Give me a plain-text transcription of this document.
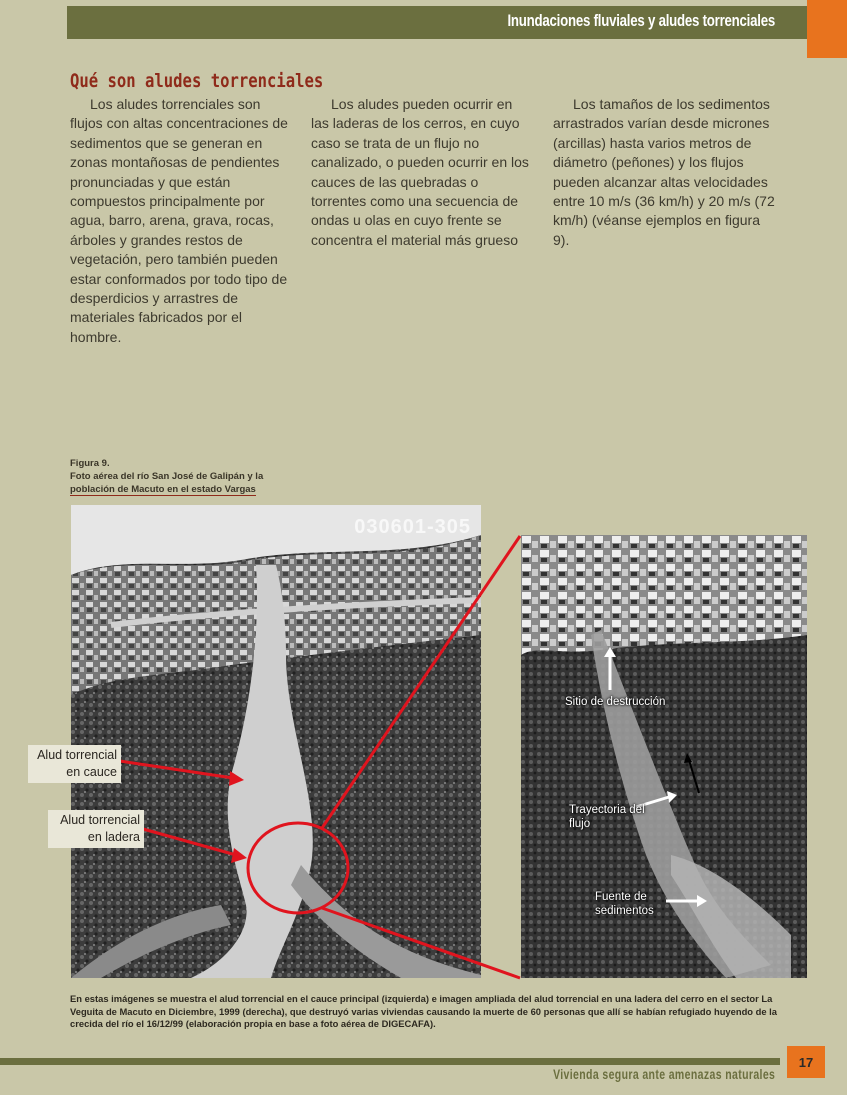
Inundaciones fluviales y aludes torrenciales
Qué son aludes torrenciales

Los aludes torrenciales son flujos con altas concentraciones de sedimentos que se generan en zonas montañosas de pendientes pronunciadas y que están compuestos principalmente por agua, barro, arena, grava, rocas, árboles y grandes restos de vegetación, pero también pueden estar conformados por todo tipo de desperdicios y arrastres de materiales fabricados por el hombre.

Los aludes pueden ocurrir en las laderas de los cerros, en cuyo caso se trata de un flujo no canalizado, o pueden ocurrir en los cauces de las quebradas o torrentes como una secuencia de ondas u olas en cuyo frente se concentra el material más grueso

Los tamaños de los sedimentos arrastrados varían desde micrones (arcillas) hasta varios metros de diámetro (peñones) y los flujos pueden alcanzar altas velocidades entre 10 m/s (36 km/h) y 20 m/s (72 km/h) (véanse ejemplos en figura 9).

Figura 9.
Foto aérea del río San José de Galipán y la
población de Macuto en el estado Vargas
030601-305
Sitio de destrucción
Trayectoria del flujo
Fuente de sedimentos
Alud torrencial en cauce
Alud torrencial en ladera
En estas imágenes se muestra el alud torrencial en el cauce principal (izquierda) e imagen ampliada del alud torrencial en una ladera del cerro en el sector La Veguita de Macuto en Diciembre, 1999 (derecha), que destruyó varias viviendas causando la muerte de 60 personas que allí se habían refugiado huyendo de la crecida del río el 16/12/99 (elaboración propia en base a foto aérea de DIGECAFA).
Vivienda segura ante amenazas naturales
17
